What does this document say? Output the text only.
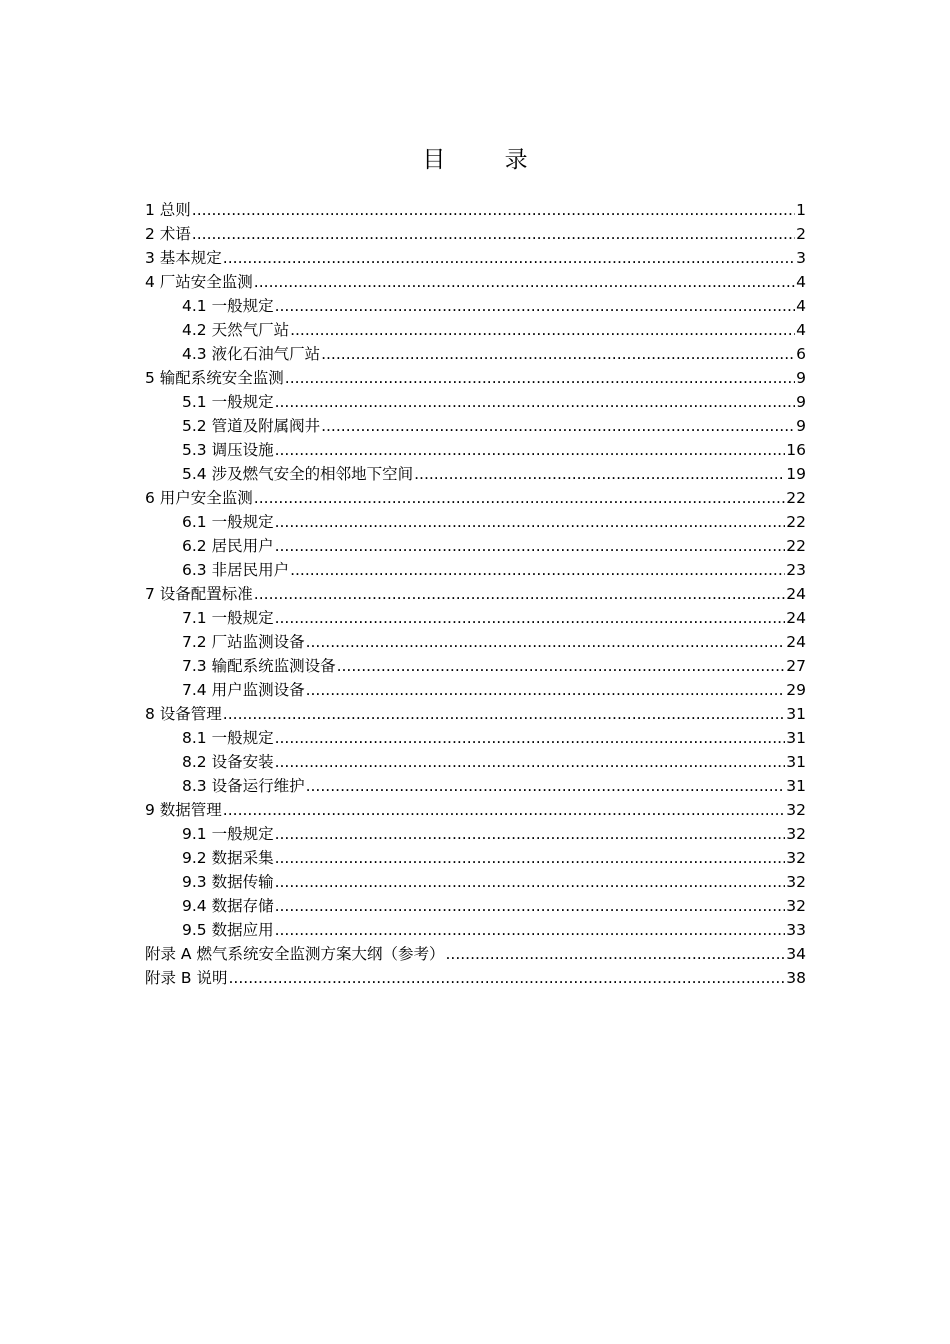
目 录
1 总则 .....	1
2 术语 .....	2
3 基本规定 .....	3
4 厂站安全监测 .....	4
4.1 一般规定 .....	4
4.2 天然气厂站 .....	4
4.3 液化石油气厂站 .....	6
5 输配系统安全监测 .....	9
5.1 一般规定 .....	9
5.2 管道及附属阀井 .....	9
5.3 调压设施 .....	16
5.4 涉及燃气安全的相邻地下空间 .....	19
6 用户安全监测 .....	22
6.1 一般规定 .....	22
6.2 居民用户 .....	22
6.3 非居民用户 .....	23
7 设备配置标准 .....	24
7.1 一般规定 .....	24
7.2 厂站监测设备 .....	24
7.3 输配系统监测设备 .....	27
7.4 用户监测设备 .....	29
8 设备管理 .....	31
8.1 一般规定 .....	31
8.2 设备安装 .....	31
8.3 设备运行维护 .....	31
9 数据管理 .....	32
9.1 一般规定 .....	32
9.2 数据采集 .....	32
9.3 数据传输 .....	32
9.4 数据存储 .....	32
9.5 数据应用 .....	33
附录 A 燃气系统安全监测方案大纲（参考） .....	34
附录 B 说明 .....	38
